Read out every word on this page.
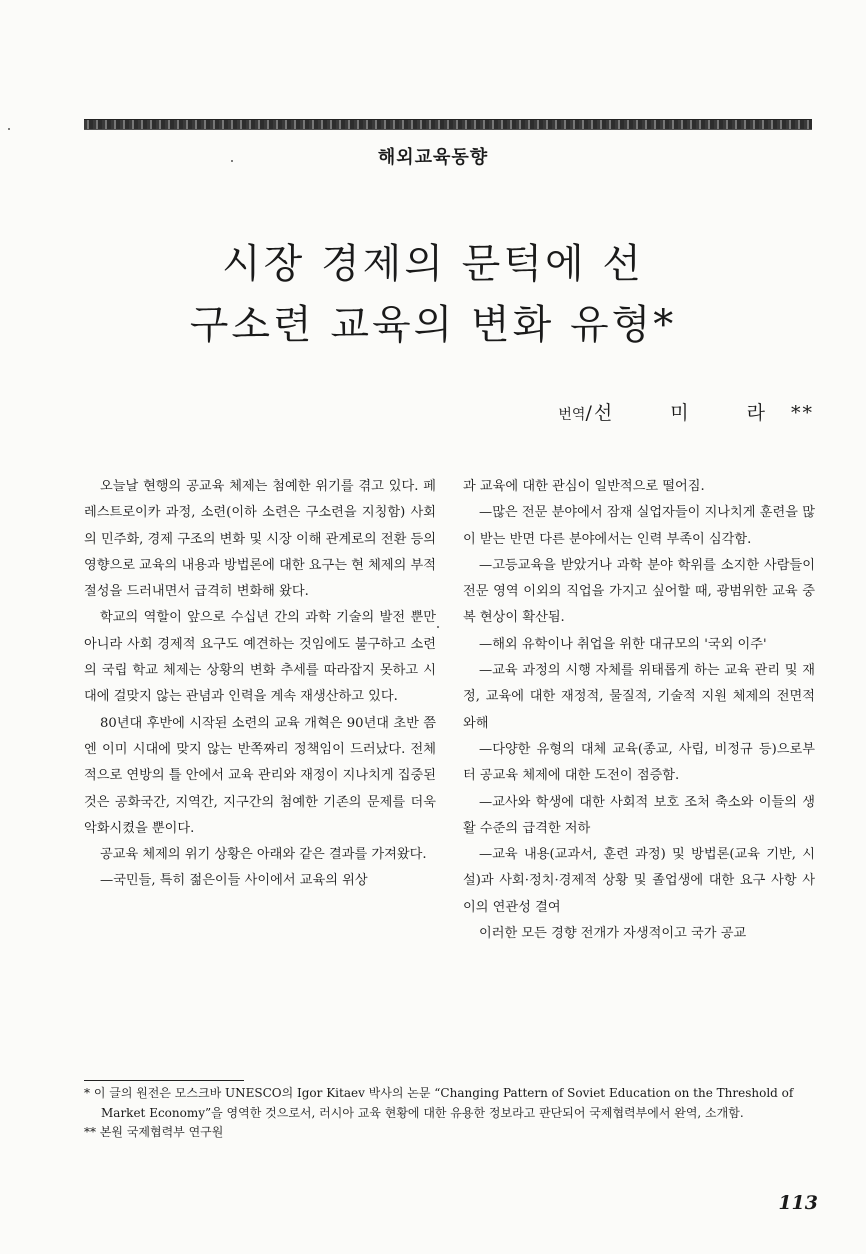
해외교육동향
시장 경제의 문턱에 선
구소련 교육의 변화 유형*
번역/선 미 라**

오늘날 현행의 공교육 체제는 첨예한 위기를 겪고 있다. 페레스트로이카 과정, 소련(이하 소련은 구소련을 지칭함) 사회의 민주화, 경제 구조의 변화 및 시장 이해 관계로의 전환 등의 영향으로 교육의 내용과 방법론에 대한 요구는 현 체제의 부적절성을 드러내면서 급격히 변화해 왔다.

학교의 역할이 앞으로 수십년 간의 과학 기술의 발전 뿐만 아니라 사회 경제적 요구도 예견하는 것임에도 불구하고 소련의 국립 학교 체제는 상황의 변화 추세를 따라잡지 못하고 시대에 걸맞지 않는 관념과 인력을 계속 재생산하고 있다.

80년대 후반에 시작된 소련의 교육 개혁은 90년대 초반 쯤엔 이미 시대에 맞지 않는 반쪽짜리 정책임이 드러났다. 전체적으로 연방의 틀 안에서 교육 관리와 재정이 지나치게 집중된 것은 공화국간, 지역간, 지구간의 첨예한 기존의 문제를 더욱 악화시켰을 뿐이다.

공교육 체제의 위기 상황은 아래와 같은 결과를 가져왔다.

—국민들, 특히 젊은이들 사이에서 교육의 위상

과 교육에 대한 관심이 일반적으로 떨어짐.

—많은 전문 분야에서 잠재 실업자들이 지나치게 훈련을 많이 받는 반면 다른 분야에서는 인력 부족이 심각함.

—고등교육을 받았거나 과학 분야 학위를 소지한 사람들이 전문 영역 이외의 직업을 가지고 싶어할 때, 광범위한 교육 중복 현상이 확산됨.

—해외 유학이나 취업을 위한 대규모의 '국외 이주'

—교육 과정의 시행 자체를 위태롭게 하는 교육 관리 및 재정, 교육에 대한 재정적, 물질적, 기술적 지원 체제의 전면적 와해

—다양한 유형의 대체 교육(종교, 사립, 비정규 등)으로부터 공교육 체제에 대한 도전이 점증함.

—교사와 학생에 대한 사회적 보호 조처 축소와 이들의 생활 수준의 급격한 저하

—교육 내용(교과서, 훈련 과정) 및 방법론(교육 기반, 시설)과 사회·정치·경제적 상황 및 졸업생에 대한 요구 사항 사이의 연관성 결여

이러한 모든 경향 전개가 자생적이고 국가 공교

* 이 글의 원전은 모스크바 UNESCO의 Igor Kitaev 박사의 논문 “Changing Pattern of Soviet Education on the Threshold of Market Economy”을 영역한 것으로서, 러시아 교육 현황에 대한 유용한 정보라고 판단되어 국제협력부에서 완역, 소개함.

** 본원 국제협력부 연구원

113
